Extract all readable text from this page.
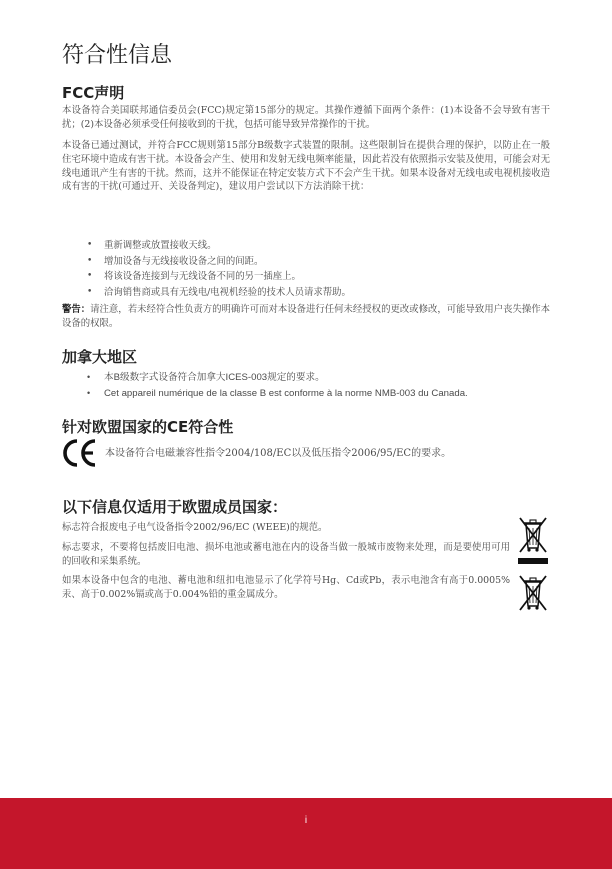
符合性信息
FCC声明

本设备符合美国联邦通信委员会(FCC)规定第15部分的规定。其操作遵循下面两个条件：(1)本设备不会导致有害干扰；(2)本设备必须承受任何接收到的干扰，包括可能导致异常操作的干扰。

本设备已通过测试，并符合FCC规则第15部分B级数字式装置的限制。这些限制旨在提供合理的保护，以防止在一般住宅环境中造成有害干扰。本设备会产生、使用和发射无线电频率能量，因此若没有依照指示安装及使用，可能会对无线电通讯产生有害的干扰。然而，这并不能保证在特定安装方式下不会产生干扰。如果本设备对无线电或电视机接收造成有害的干扰(可通过开、关设备判定)，建议用户尝试以下方法消除干扰：

• 重新调整或放置接收天线。
• 增加设备与无线接收设备之间的间距。
• 将该设备连接到与无线设备不同的另一插座上。
• 洽询销售商或具有无线电/电视机经验的技术人员请求帮助。

警告：请注意，若未经符合性负责方的明确许可而对本设备进行任何未经授权的更改或修改，可能导致用户丧失操作本设备的权限。

加拿大地区
• 本B级数字式设备符合加拿大ICES-003规定的要求。
• Cet appareil numérique de la classe B est conforme à la norme NMB-003 du Canada.
针对欧盟国家的CE符合性

本设备符合电磁兼容性指令2004/108/EC以及低压指令2006/95/EC的要求。

以下信息仅适用于欧盟成员国家：

标志符合报废电子电气设备指令2002/96/EC (WEEE)的规范。

标志要求，不要将包括废旧电池、损坏电池或蓄电池在内的设备当做一般城市废物来处理，而是要使用可用的回收和采集系统。

如果本设备中包含的电池、蓄电池和纽扣电池显示了化学符号Hg、Cd或Pb，表示电池含有高于0.0005%汞、高于0.002%镉或高于0.004%铅的重金属成分。

i
